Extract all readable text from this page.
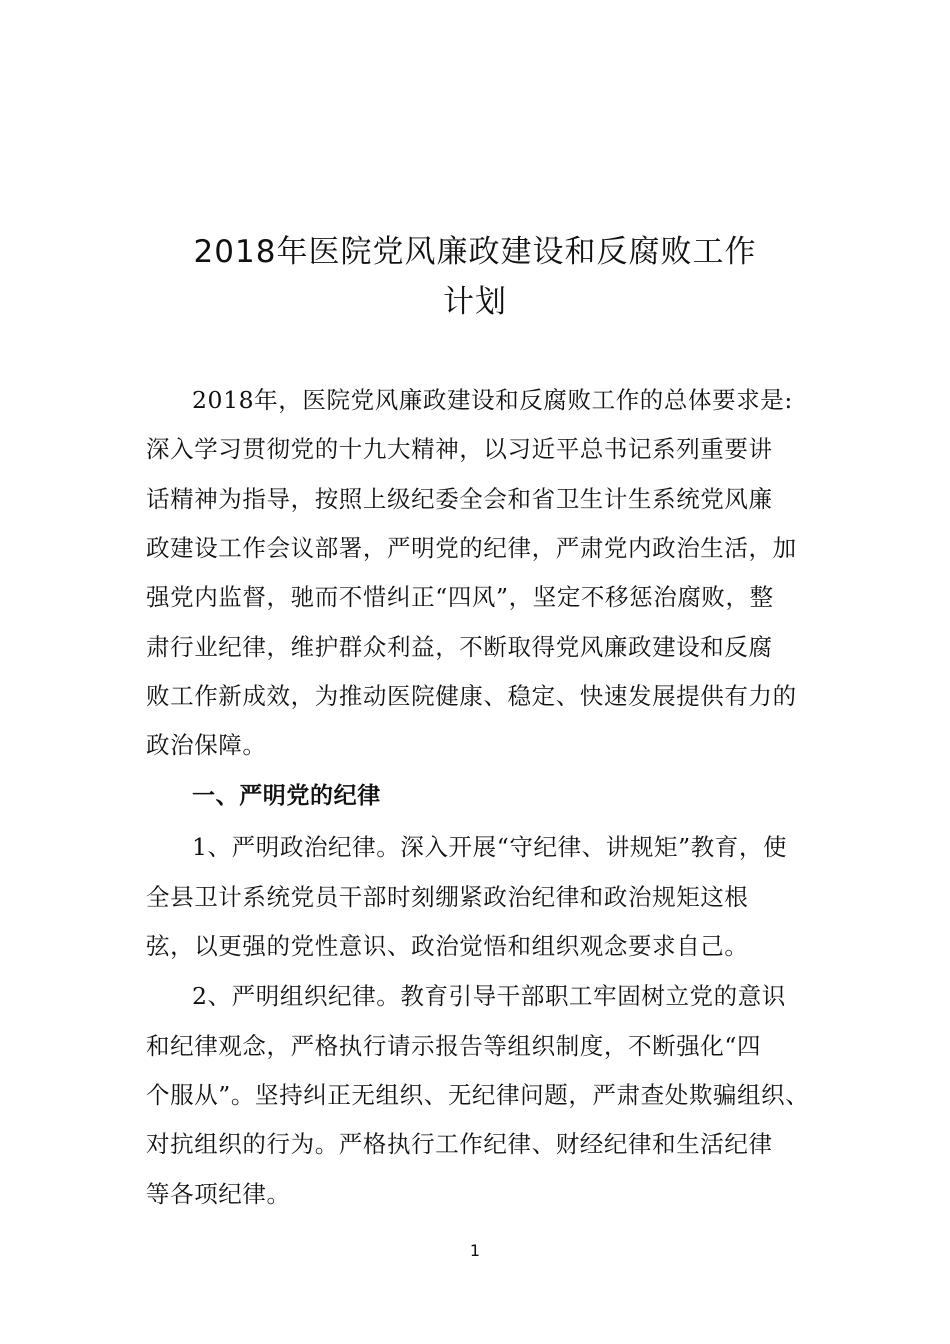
2018年医院党风廉政建设和反腐败工作
计划
2018年，医院党风廉政建设和反腐败工作的总体要求是:
深入学习贯彻党的十九大精神，以习近平总书记系列重要讲
话精神为指导，按照上级纪委全会和省卫生计生系统党风廉
政建设工作会议部署，严明党的纪律，严肃党内政治生活，加
强党内监督，驰而不惜纠正“四风”，坚定不移惩治腐败，整
肃行业纪律，维护群众利益，不断取得党风廉政建设和反腐
败工作新成效，为推动医院健康、稳定、快速发展提供有力的
政治保障。
一、严明党的纪律
1、严明政治纪律。深入开展“守纪律、讲规矩”教育，使
全县卫计系统党员干部时刻绷紧政治纪律和政治规矩这根
弦，以更强的党性意识、政治觉悟和组织观念要求自己。
2、严明组织纪律。教育引导干部职工牢固树立党的意识
和纪律观念，严格执行请示报告等组织制度，不断强化“四
个服从”。坚持纠正无组织、无纪律问题，严肃查处欺骗组织、
对抗组织的行为。严格执行工作纪律、财经纪律和生活纪律
等各项纪律。
1
